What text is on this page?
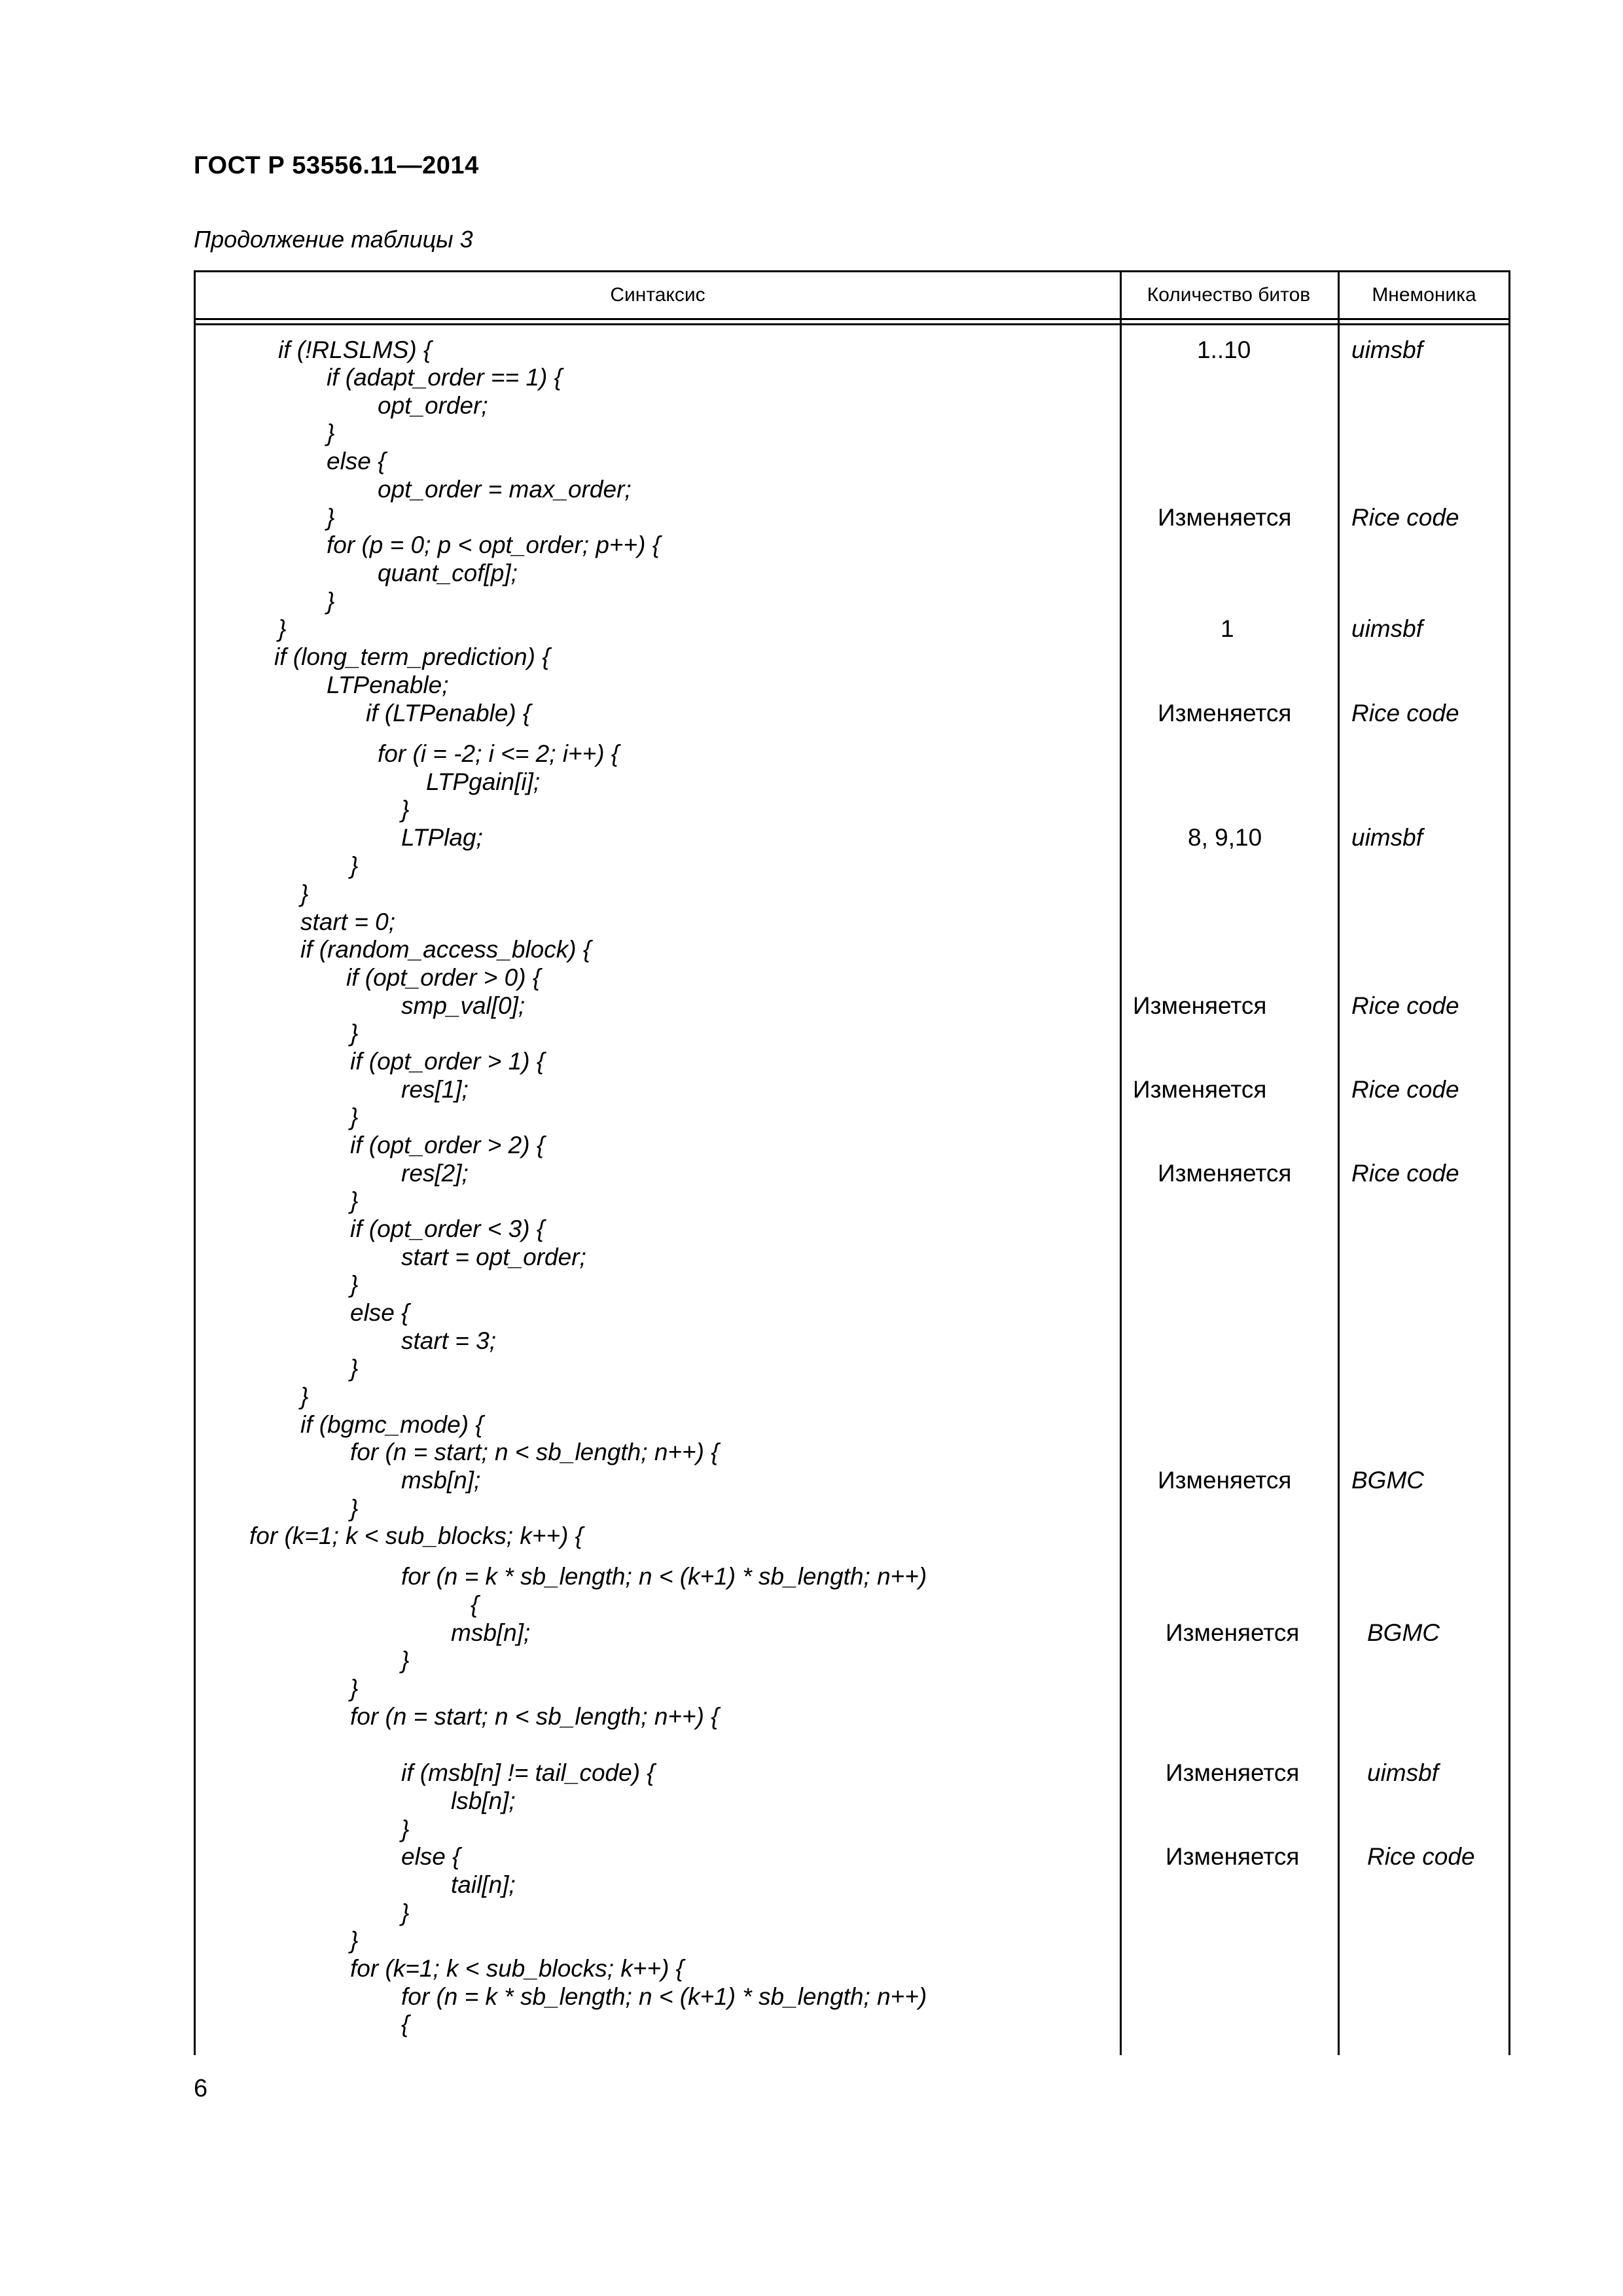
ГОСТ Р 53556.11—2014
Продолжение таблицы 3
Синтаксис	Количество битов	Мнемоника
if (!RLSLMS) {
if (adapt_order == 1) {
opt_order;
}
else {
opt_order = max_order;
}
for (p = 0; p < opt_order; p++) {
quant_cof[p];
}
}
if (long_term_prediction) {
LTPenable;
if (LTPenable) {
for (i = -2; i <= 2; i++) {
LTPgain[i];
}
LTPlag;
}
}
start = 0;
if (random_access_block) {
if (opt_order > 0) {
smp_val[0];
}
if (opt_order > 1) {
res[1];
}
if (opt_order > 2) {
res[2];
}
if (opt_order < 3) {
start = opt_order;
}
else {
start = 3;
}
}
if (bgmc_mode) {
for (n = start; n < sb_length; n++) {
msb[n];
}
for (k=1; k < sub_blocks; k++) {
for (n = k * sb_length; n < (k+1) * sb_length; n++)
{
msb[n];
}
}
for (n = start; n < sb_length; n++) {
if (msb[n] != tail_code) {
lsb[n];
}
else {
tail[n];
}
}
for (k=1; k < sub_blocks; k++) {
for (n = k * sb_length; n < (k+1) * sb_length; n++)
{
1..10
Изменяется
1
Изменяется
8, 9,10
Изменяется
Изменяется
Изменяется
Изменяется
Изменяется
Изменяется
Изменяется
uimsbf
Rice code
uimsbf
Rice code
uimsbf
Rice code
Rice code
Rice code
BGMC
BGMC
uimsbf
Rice code
6
